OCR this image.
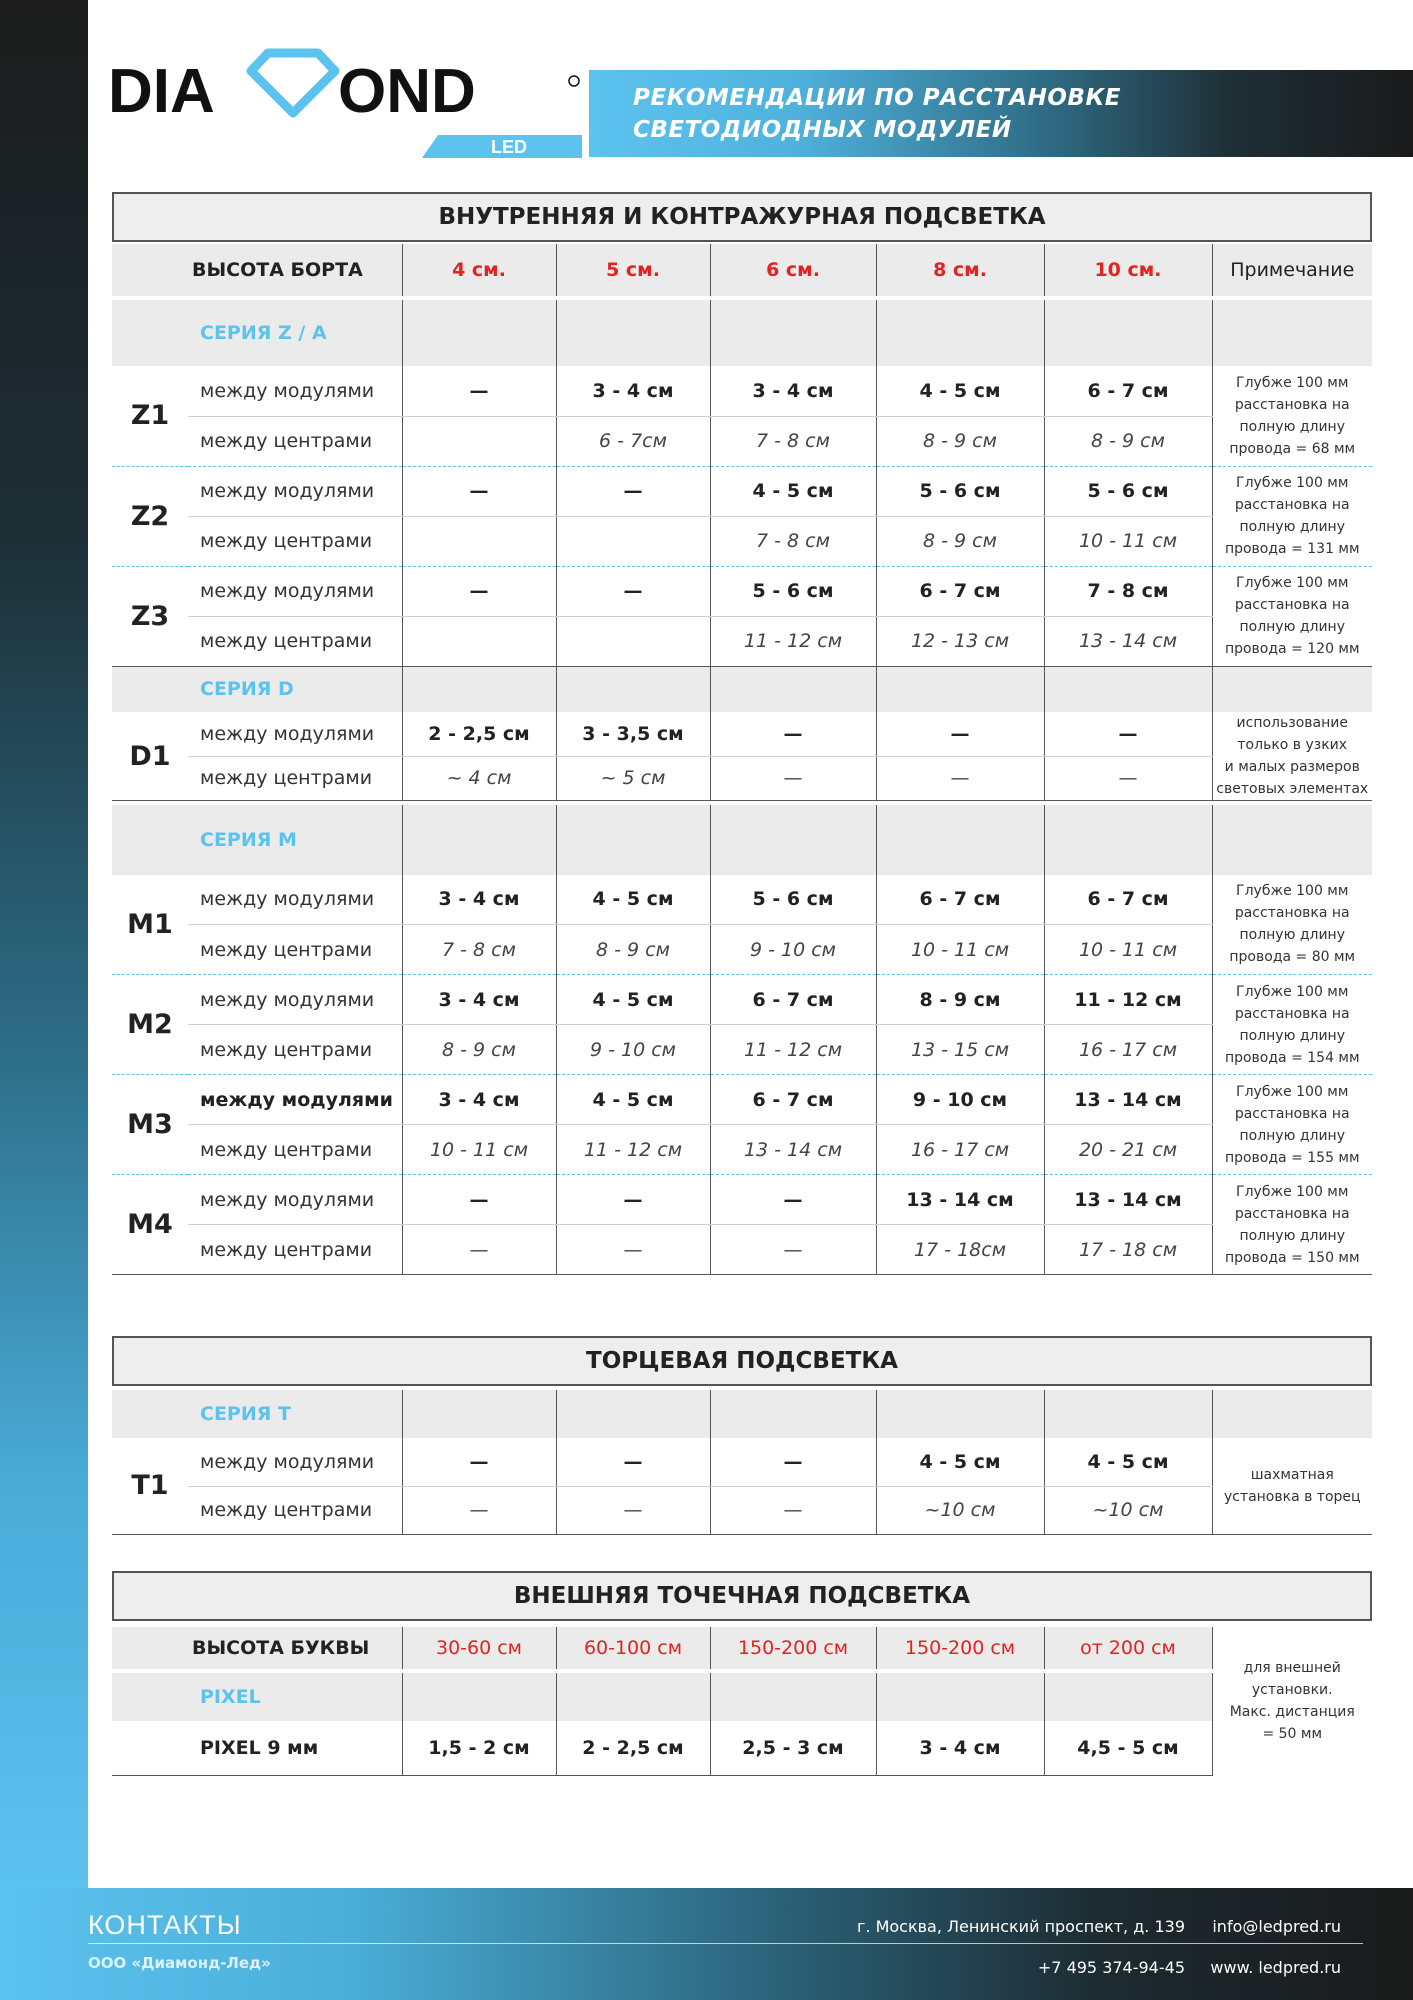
DIA OND
LED
РЕКОМЕНДАЦИИ ПО РАССТАНОВКЕ
СВЕТОДИОДНЫХ МОДУЛЕЙ
ВНУТРЕННЯЯ И КОНТРАЖУРНАЯ ПОДСВЕТКА
ВЫСОТА БОРТА		4 см.	5 см.	6 см.	8 см.	10 см.	Примечание

	СЕРИЯ Z / A						
Z1	между модулями	—	3 - 4 см	3 - 4 см	4 - 5 см	6 - 7 см	Глубже 100 мм
расстановка на
полную длину
провода = 68 мм

	между центрами		6 - 7см	7 - 8 см	8 - 9 см	8 - 9 см	
Z2	между модулями	—	—	4 - 5 см	5 - 6 см	5 - 6 см	Глубже 100 мм
расстановка на
полную длину
провода = 131 мм

	между центрами			7 - 8 см	8 - 9 см	10 - 11 см	
Z3	между модулями	—	—	5 - 6 см	6 - 7 см	7 - 8 см	Глубже 100 мм
расстановка на
полную длину
провода = 120 мм

	между центрами			11 - 12 см	12 - 13 см	13 - 14 см	
	СЕРИЯ D						
D1	между модулями	2 - 2,5 см	3 - 3,5 см	—	—	—	использование
только в узких
и малых размеров
световых элементах

	между центрами	~ 4 см	~ 5 см	—	—	—	

	СЕРИЯ M						
M1	между модулями	3 - 4 см	4 - 5 см	5 - 6 см	6 - 7 см	6 - 7 см	Глубже 100 мм
расстановка на
полную длину
провода = 80 мм

	между центрами	7 - 8 см	8 - 9 см	9 - 10 см	10 - 11 см	10 - 11 см	
M2	между модулями	3 - 4 см	4 - 5 см	6 - 7 см	8 - 9 см	11 - 12 см	Глубже 100 мм
расстановка на
полную длину
провода = 154 мм

	между центрами	8 - 9 см	9 - 10 см	11 - 12 см	13 - 15 см	16 - 17 см	
M3	между модулями	3 - 4 см	4 - 5 см	6 - 7 см	9 - 10 см	13 - 14 см	Глубже 100 мм
расстановка на
полную длину
провода = 155 мм

	между центрами	10 - 11 см	11 - 12 см	13 - 14 см	16 - 17 см	20 - 21 см	
M4	между модулями	—	—	—	13 - 14 см	13 - 14 см	Глубже 100 мм
расстановка на
полную длину
провода = 150 мм

	между центрами	—	—	—	17 - 18см	17 - 18 см	
ТОРЦЕВАЯ ПОДСВЕТКА
	СЕРИЯ T						
T1	между модулями	—	—	—	4 - 5 см	4 - 5 см	шахматная
установка в торец

	между центрами	—	—	—	~10 см	~10 см	
ВНЕШНЯЯ ТОЧЕЧНАЯ ПОДСВЕТКА
ВЫСОТА БУКВЫ		30-60 см	60-100 см	150-200 см	150-200 см	от 200 см	для внешней
установки.
Макс. дистанция
= 50 мм

	PIXEL						
	PIXEL 9 мм	1,5 - 2 см	2 - 2,5 см	2,5 - 3 см	3 - 4 см	4,5 - 5 см	
КОНТАКТЫ
ООО «Диамонд-Лед»
г. Москва, Ленинский проспект, д. 139 info@ledpred.ru
+7 495 374-94-45 www. ledpred.ru
